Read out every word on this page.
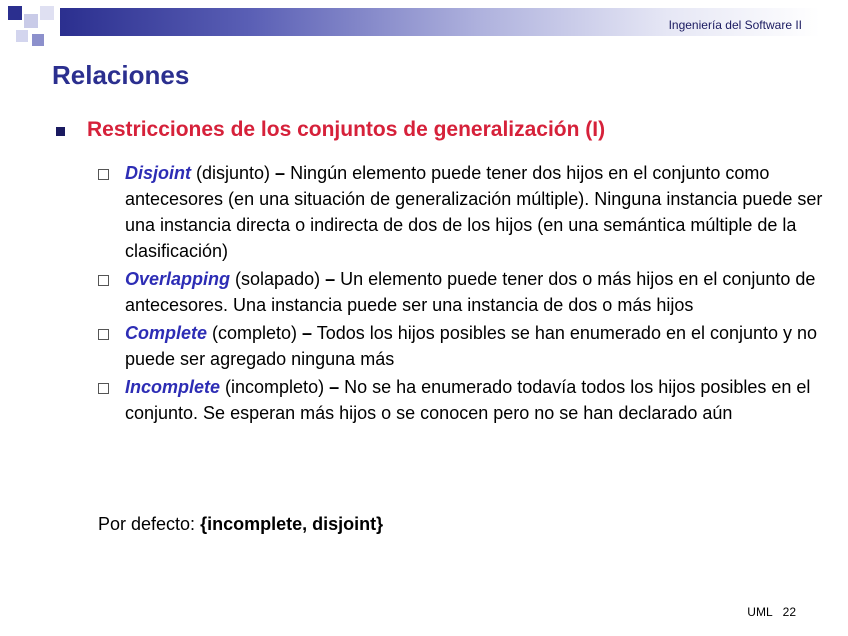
Ingeniería del Software II
Relaciones
Restricciones de los conjuntos de generalización (I)
Disjoint (disjunto) – Ningún elemento puede tener dos hijos en el conjunto como antecesores (en una situación de generalización múltiple). Ninguna instancia puede ser una instancia directa o indirecta de dos de los hijos (en una semántica múltiple de la clasificación)
Overlapping (solapado) – Un elemento puede tener dos o más hijos en el conjunto de antecesores. Una instancia puede ser una instancia de dos o más hijos
Complete (completo) – Todos los hijos posibles se han enumerado en el conjunto y no puede ser agregado ninguna más
Incomplete (incompleto) – No se ha enumerado todavía todos los hijos posibles en el conjunto. Se esperan más hijos o se conocen pero no se han declarado aún
Por defecto: {incomplete, disjoint}
UML 22
